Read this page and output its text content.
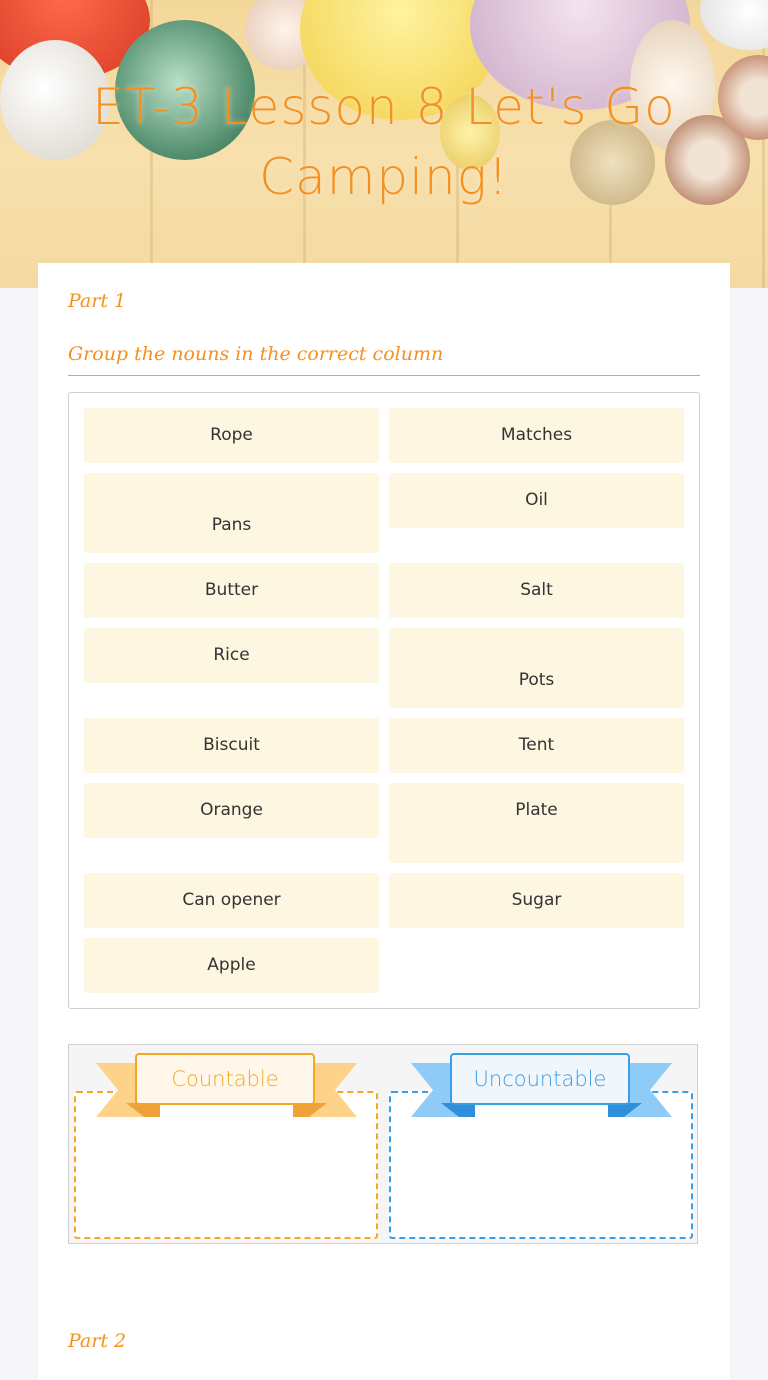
ET-3 Lesson 8 Let's Go Camping!
Part 1

Group the nouns in the correct column

Rope	Matches
Pans
Oil
Butter	Salt
Rice
Pots
Biscuit	Tent
Orange	Plate
Can opener	Sugar
Apple
Countable	Uncountable
Part 2
